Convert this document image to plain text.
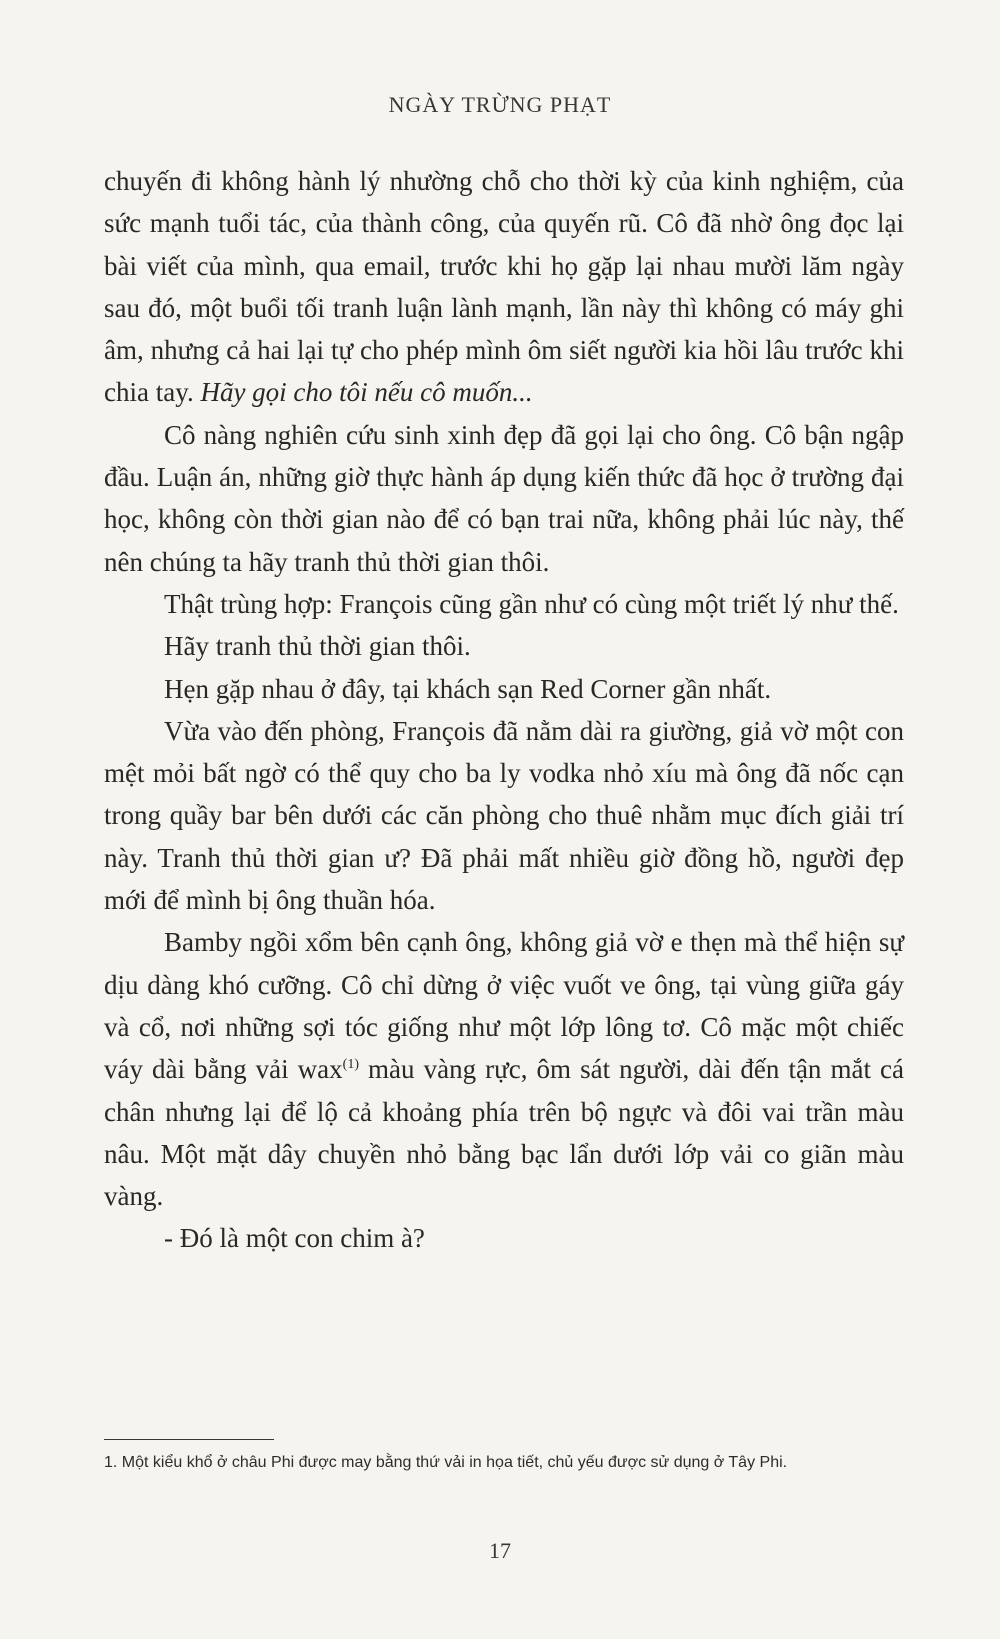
NGÀY TRỪNG PHẠT

chuyến đi không hành lý nhường chỗ cho thời kỳ của kinh nghiệm, của sức mạnh tuổi tác, của thành công, của quyến rũ. Cô đã nhờ ông đọc lại bài viết của mình, qua email, trước khi họ gặp lại nhau mười lăm ngày sau đó, một buổi tối tranh luận lành mạnh, lần này thì không có máy ghi âm, nhưng cả hai lại tự cho phép mình ôm siết người kia hồi lâu trước khi chia tay. Hãy gọi cho tôi nếu cô muốn...

Cô nàng nghiên cứu sinh xinh đẹp đã gọi lại cho ông. Cô bận ngập đầu. Luận án, những giờ thực hành áp dụng kiến thức đã học ở trường đại học, không còn thời gian nào để có bạn trai nữa, không phải lúc này, thế nên chúng ta hãy tranh thủ thời gian thôi.

Thật trùng hợp: François cũng gần như có cùng một triết lý như thế.

Hãy tranh thủ thời gian thôi.

Hẹn gặp nhau ở đây, tại khách sạn Red Corner gần nhất.

Vừa vào đến phòng, François đã nằm dài ra giường, giả vờ một con mệt mỏi bất ngờ có thể quy cho ba ly vodka nhỏ xíu mà ông đã nốc cạn trong quầy bar bên dưới các căn phòng cho thuê nhằm mục đích giải trí này. Tranh thủ thời gian ư? Đã phải mất nhiều giờ đồng hồ, người đẹp mới để mình bị ông thuần hóa.

Bamby ngồi xổm bên cạnh ông, không giả vờ e thẹn mà thể hiện sự dịu dàng khó cưỡng. Cô chỉ dừng ở việc vuốt ve ông, tại vùng giữa gáy và cổ, nơi những sợi tóc giống như một lớp lông tơ. Cô mặc một chiếc váy dài bằng vải wax$^{(1)}$ màu vàng rực, ôm sát người, dài đến tận mắt cá chân nhưng lại để lộ cả khoảng phía trên bộ ngực và đôi vai trần màu nâu. Một mặt dây chuyền nhỏ bằng bạc lẩn dưới lớp vải co giãn màu vàng.

- Đó là một con chim à?

1. Một kiểu khổ ở châu Phi được may bằng thứ vải in họa tiết, chủ yếu được sử dụng ở Tây Phi.
17
